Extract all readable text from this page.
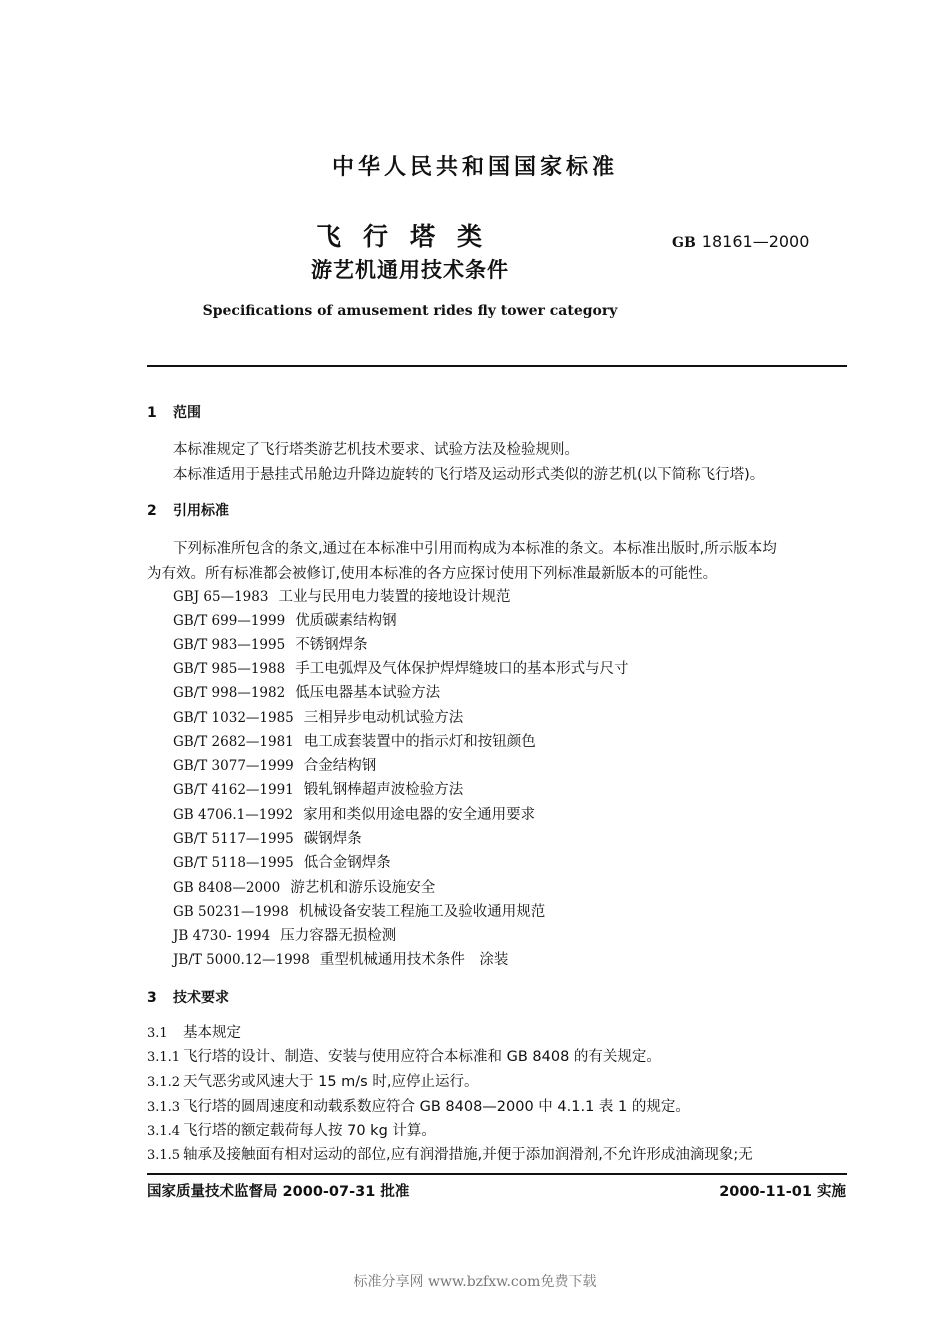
中华人民共和国国家标准
飞行塔类
游艺机通用技术条件
GB 18161—2000
Specifications of amusement rides fly tower category
1 范围
本标准规定了飞行塔类游艺机技术要求、试验方法及检验规则。
本标准适用于悬挂式吊舱边升降边旋转的飞行塔及运动形式类似的游艺机(以下简称飞行塔)。
2 引用标准
下列标准所包含的条文,通过在本标准中引用而构成为本标准的条文。本标准出版时,所示版本均
为有效。所有标准都会被修订,使用本标准的各方应探讨使用下列标准最新版本的可能性。
GBJ 65—1983 工业与民用电力装置的接地设计规范
GB/T 699—1999 优质碳素结构钢
GB/T 983—1995 不锈钢焊条
GB/T 985—1988 手工电弧焊及气体保护焊焊缝坡口的基本形式与尺寸
GB/T 998—1982 低压电器基本试验方法
GB/T 1032—1985 三相异步电动机试验方法
GB/T 2682—1981 电工成套装置中的指示灯和按钮颜色
GB/T 3077—1999 合金结构钢
GB/T 4162—1991 锻轧钢棒超声波检验方法
GB 4706.1—1992 家用和类似用途电器的安全通用要求
GB/T 5117—1995 碳钢焊条
GB/T 5118—1995 低合金钢焊条
GB 8408—2000 游艺机和游乐设施安全
GB 50231—1998 机械设备安装工程施工及验收通用规范
JB 4730- 1994 压力容器无损检测
JB/T 5000.12—1998 重型机械通用技术条件　涂装
3 技术要求
3.1 基本规定
3.1.1 飞行塔的设计、制造、安装与使用应符合本标准和 GB 8408 的有关规定。
3.1.2 天气恶劣或风速大于 15 m/s 时,应停止运行。
3.1.3 飞行塔的圆周速度和动载系数应符合 GB 8408—2000 中 4.1.1 表 1 的规定。
3.1.4 飞行塔的额定载荷每人按 70 kg 计算。
3.1.5 轴承及接触面有相对运动的部位,应有润滑措施,并便于添加润滑剂,不允许形成油滴现象;无
国家质量技术监督局 2000-07-31 批准	2000-11-01 实施
标准分享网 www.bzfxw.com免费下载
